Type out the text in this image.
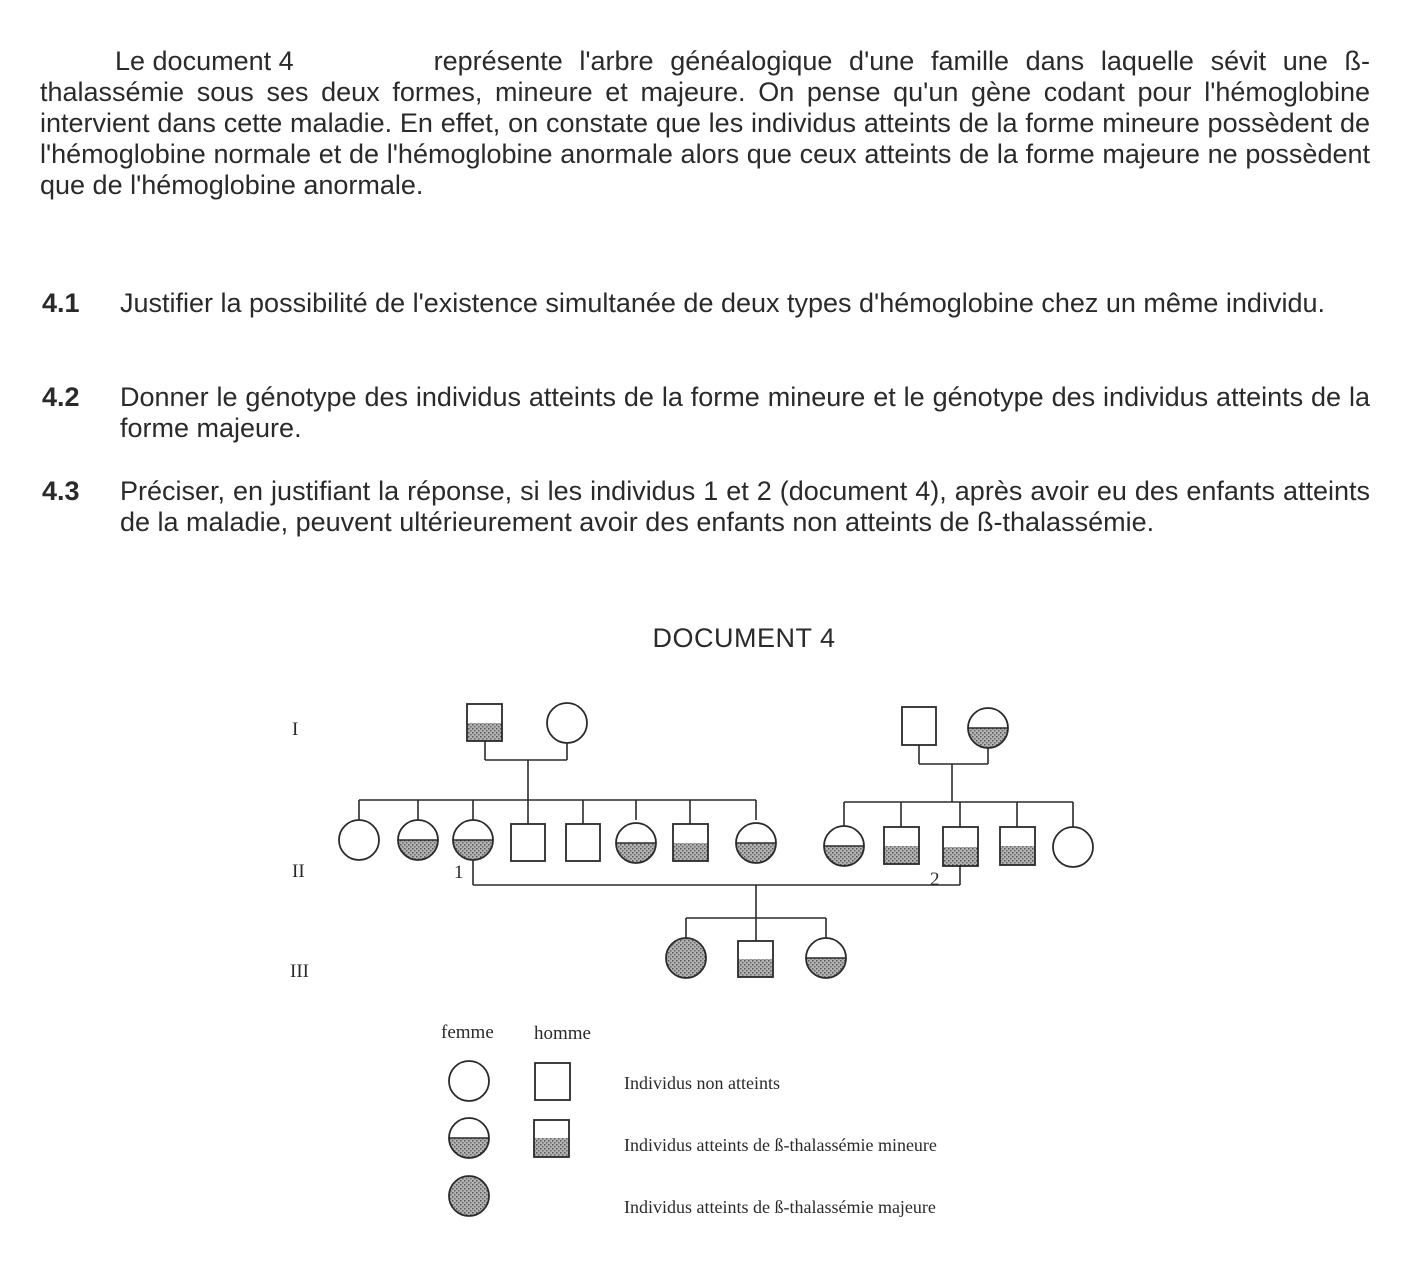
Le document 4	représente l'arbre généalogique d'une famille dans laquelle sévit une ß-thalassémie sous ses deux formes, mineure et majeure. On pense qu'un gène codant pour l'hémoglobine intervient dans cette maladie. En effet, on constate que les individus atteints de la forme mineure possèdent de l'hémoglobine normale et de l'hémoglobine anormale alors que ceux atteints de la forme majeure ne possèdent que de l'hémoglobine anormale.

4.1 Justifier la possibilité de l'existence simultanée de deux types d'hémoglobine chez un même individu.
4.2 Donner le génotype des individus atteints de la forme mineure et le génotype des individus atteints de la forme majeure.
4.3 Préciser, en justifiant la réponse, si les individus 1 et 2 (document 4), après avoir eu des enfants atteints de la maladie, peuvent ultérieurement avoir des enfants non atteints de ß-thalassémie.
DOCUMENT 4
I
II
III
1	2
femme homme
Individus non atteints
Individus atteints de ß-thalassémie mineure
Individus atteints de ß-thalassémie majeure
